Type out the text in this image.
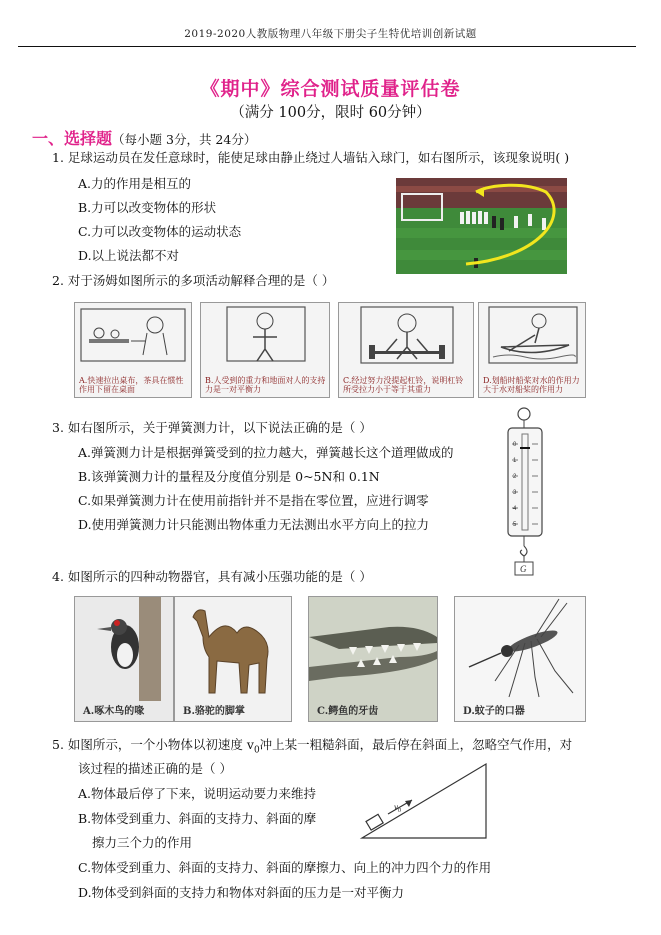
2019-2020人教版物理八年级下册尖子生特优培训创新试题
《期中》综合测试质量评估卷
（满分 100分，限时 60分钟）
一、选择题（每小题 3分，共 24分）
1. 足球运动员在发任意球时，能使足球由静止绕过人墙钻入球门，如右图所示，该现象说明( )
A.力的作用是相互的
B.力可以改变物体的形状
C.力可以改变物体的运动状态
D.以上说法都不对
2. 对于汤姆如图所示的多项活动解释合理的是（ ）
A.快速拉出桌布，茶具在惯性作用下留在桌面
B.人受到的重力和地面对人的支持力是一对平衡力
C.经过努力没提起杠铃，说明杠铃所受拉力小于等于其重力
D.划船时船桨对水的作用力大于水对船桨的作用力
3. 如右图所示，关于弹簧测力计，以下说法正确的是（ ）
A.弹簧测力计是根据弹簧受到的拉力越大，弹簧越长这个道理做成的
B.该弹簧测力计的量程及分度值分别是 0~5N和 0.1N
C.如果弹簧测力计在使用前指针并不是指在零位置，应进行调零
D.使用弹簧测力计只能测出物体重力无法测出水平方向上的拉力
0
1
2
3
4
5
G
4. 如图所示的四种动物器官，具有减小压强功能的是（ ）
A.啄木鸟的喙	B.骆驼的脚掌	C.鳄鱼的牙齿	D.蚊子的口器
5. 如图所示，一个小物体以初速度 $v_0$冲上某一粗糙斜面，最后停在斜面上，忽略空气作用，对
该过程的描述正确的是（ ）
A.物体最后停了下来，说明运动要力来维持
B.物体受到重力、斜面的支持力、斜面的摩
擦力三个力的作用
C.物体受到重力、斜面的支持力、斜面的摩擦力、向上的冲力四个力的作用
D.物体受到斜面的支持力和物体对斜面的压力是一对平衡力
$v_0$
